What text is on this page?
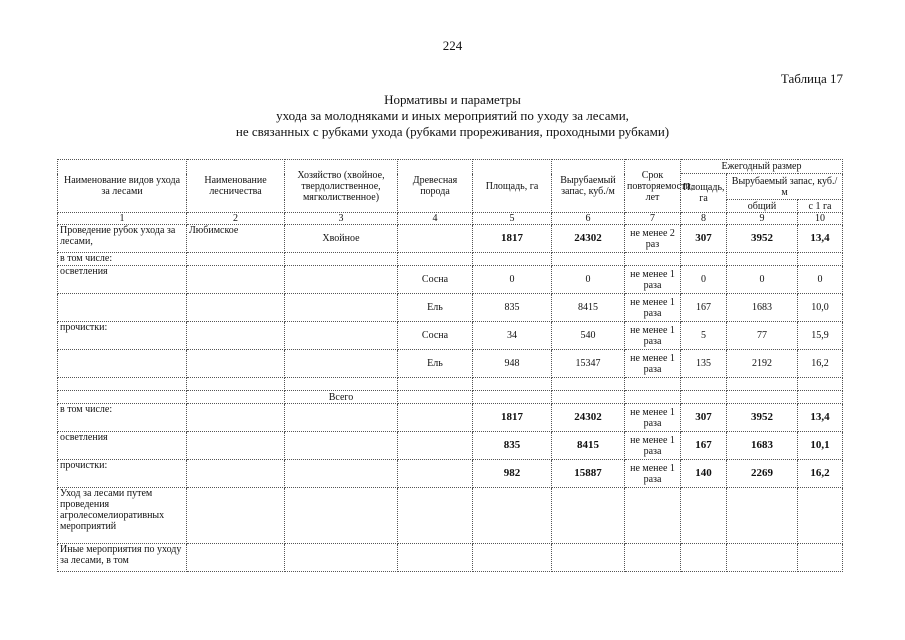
224
Таблица 17
Нормативы и параметры
ухода за молодняками и иных мероприятий по уходу за лесами,
не связанных с рубками ухода (рубками прореживания, проходными рубками)
Наименование видов ухода за лесами	Наименование лесничества	Хозяйство (хвойное, твердолиственное, мягколиственное)	Древесная порода	Площадь, га	Вырубаемый запас, куб./м	Срок повторяемости, лет	Ежегодный размер		
							Площадь, га	Вырубаемый запас, куб./м	
								общий	с 1 га
1	2	3	4	5	6	7	8	9	10
Проведение рубок ухода за лесами,	Любимское	Хвойное		1817	24302	не менее 2 раз	307	3952	13,4
в том числе:									
осветления			Сосна	0	0	не менее 1 раза	0	0	0
			Ель	835	8415	не менее 1 раза	167	1683	10,0
прочистки:			Сосна	34	540	не менее 1 раза	5	77	15,9
			Ель	948	15347	не менее 1 раза	135	2192	16,2

		Всего							
в том числе:				1817	24302	не менее 1 раза	307	3952	13,4
осветления				835	8415	не менее 1 раза	167	1683	10,1
прочистки:				982	15887	не менее 1 раза	140	2269	16,2
Уход за лесами путем проведения агролесомелиоративных мероприятий									
Иные мероприятия по уходу за лесами, в том									
